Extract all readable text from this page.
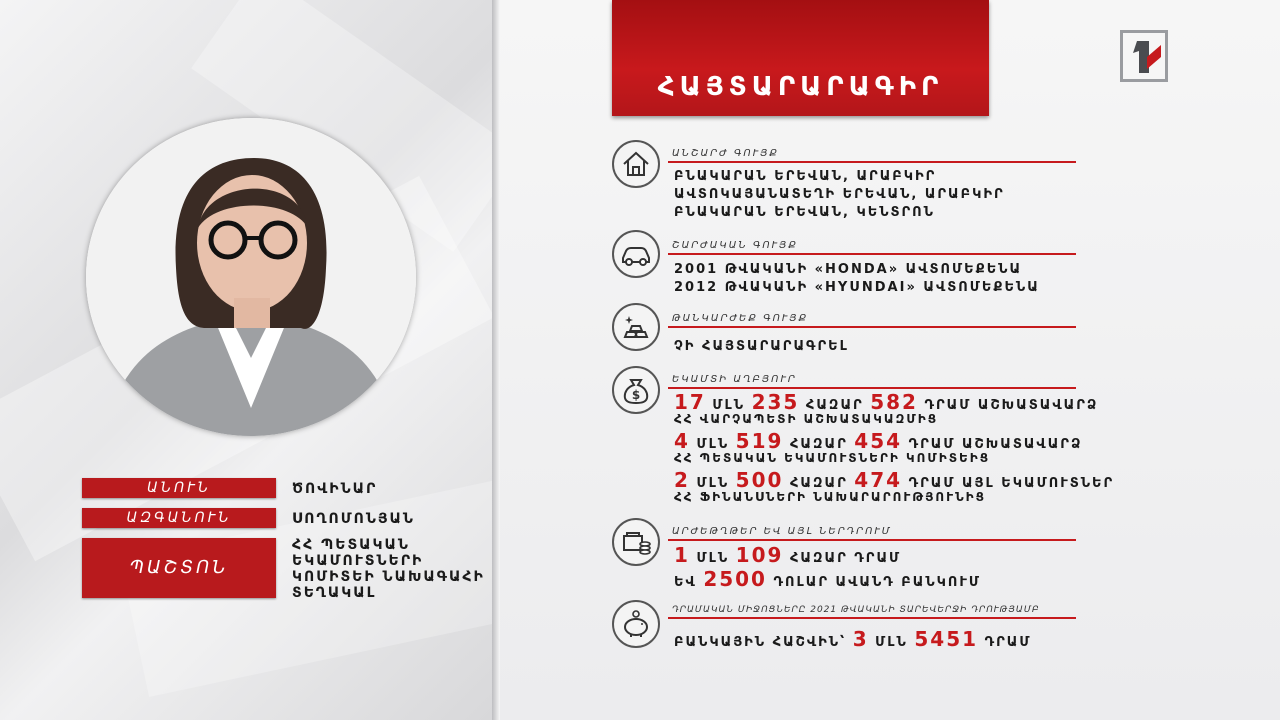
ԱՆՈՒՆ	ԾՈՎԻՆԱՐ
ԱԶԳԱՆՈՒՆ	ՍՈՂՈՄՈՆՅԱՆ
ՊԱՇՏՈՆ
ՀՀ ՊԵՏԱԿԱՆ
ԵԿԱՄՈՒՏՆԵՐԻ
ԿՈՄԻՏԵԻ ՆԱԽԱԳԱՀԻ
ՏԵՂԱԿԱԼ
ՀԱՅՏԱՐԱՐԱԳԻՐ
ԱՆՇԱՐԺ ԳՈՒՅՔ
ԲՆԱԿԱՐԱՆ ԵՐԵՎԱՆ, ԱՐԱԲԿԻՐ
ԱՎՏՈԿԱՅԱՆԱՏԵՂԻ ԵՐԵՎԱՆ, ԱՐԱԲԿԻՐ
ԲՆԱԿԱՐԱՆ ԵՐԵՎԱՆ, ԿԵՆՏՐՈՆ
ՇԱՐԺԱԿԱՆ ԳՈՒՅՔ
2001 ԹՎԱԿԱՆԻ «HONDA» ԱՎՏՈՄԵՔԵՆԱ
2012 ԹՎԱԿԱՆԻ «HYUNDAI» ԱՎՏՈՄԵՔԵՆԱ
ԹԱՆԿԱՐԺԵՔ ԳՈՒՅՔ
ՉԻ ՀԱՅՏԱՐԱՐԱԳՐԵԼ
$
ԵԿԱՄՏԻ ԱՂԲՅՈՒՐ
17 ՄԼՆ 235 ՀԱԶԱՐ 582 ԴՐԱՄ ԱՇԽԱՏԱՎԱՐՁ
ՀՀ ՎԱՐՉԱՊԵՏԻ ԱՇԽԱՏԱԿԱԶՄԻՑ
4 ՄԼՆ 519 ՀԱԶԱՐ 454 ԴՐԱՄ ԱՇԽԱՏԱՎԱՐՁ
ՀՀ ՊԵՏԱԿԱՆ ԵԿԱՄՈՒՏՆԵՐԻ ԿՈՄԻՏԵԻՑ
2 ՄԼՆ 500 ՀԱԶԱՐ 474 ԴՐԱՄ ԱՅԼ ԵԿԱՄՈՒՏՆԵՐ
ՀՀ ՖԻՆԱՆՍՆԵՐԻ ՆԱԽԱՐԱՐՈՒԹՅՈՒՆԻՑ
ԱՐԺԵԹՂԹԵՐ ԵՎ ԱՅԼ ՆԵՐԴՐՈՒՄ
1 ՄԼՆ 109 ՀԱԶԱՐ ԴՐԱՄ
ԵՎ 2500 ԴՈԼԱՐ ԱՎԱՆԴ ԲԱՆԿՈՒՄ
ԴՐԱՄԱԿԱՆ ՄԻՋՈՑՆԵՐԸ 2021 ԹՎԱԿԱՆԻ ՏԱՐԵՎԵՐՋԻ ԴՐՈՒԹՅԱՄԲ
ԲԱՆԿԱՅԻՆ ՀԱՇՎԻՆ՝ 3 ՄԼՆ 5451 ԴՐԱՄ
